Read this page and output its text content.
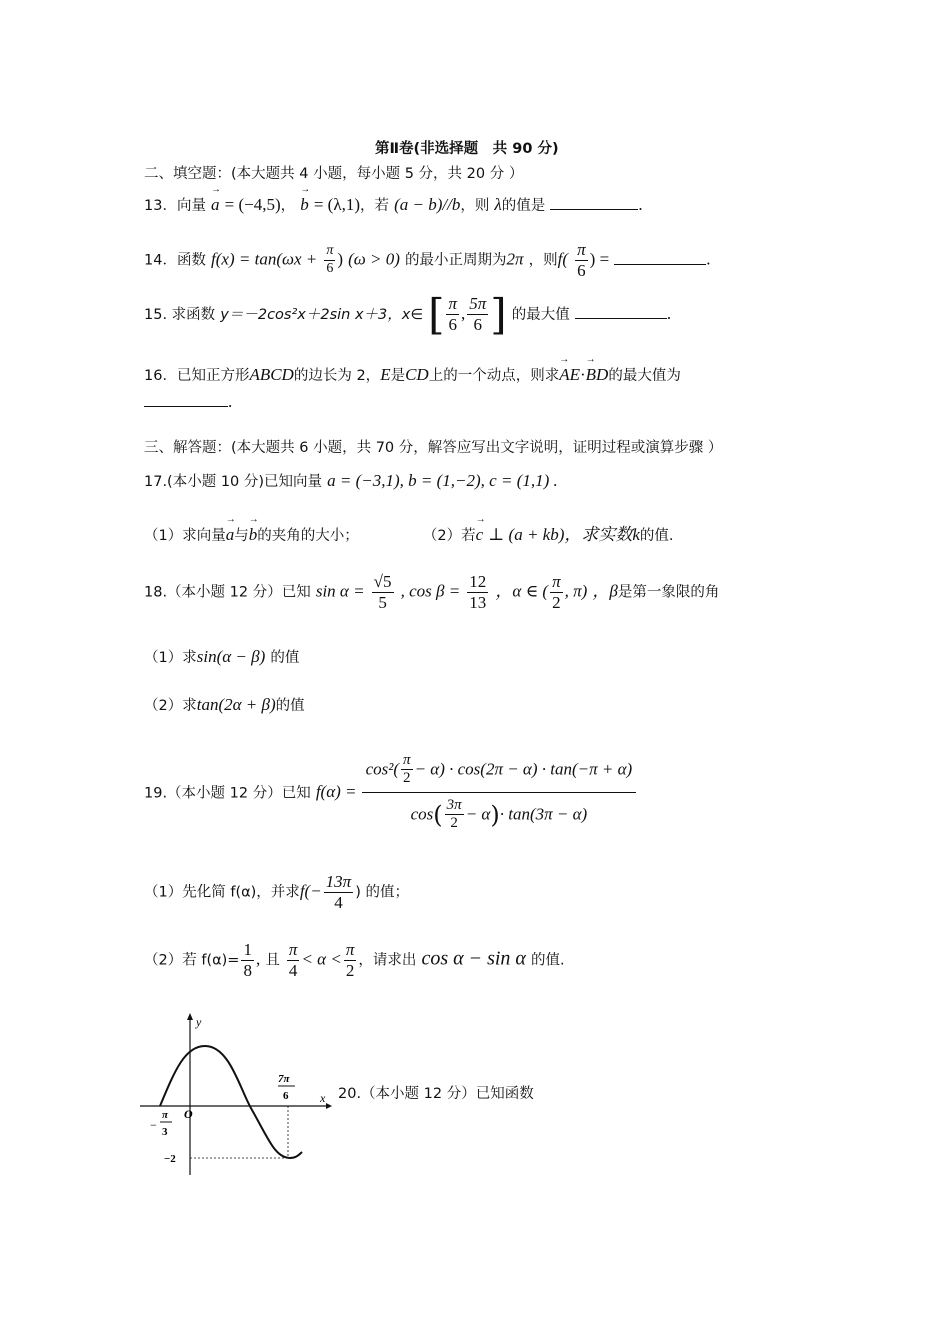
第Ⅱ卷(非选择题　共 90 分)
二、填空题：(本大题共 4 小题，每小题 5 分，共 20 分 ）
13．向量 → a = (−4,5)， → b = (λ,1)，若 (a − b)//b，则 λ的值是	.
14．函数 $f(x) = \tan(\omega x + \frac{\pi}{6}$ ) (ω > 0) 的最小正周期为2π ，则$f( \frac{\pi}{6}$ ) =	.
15. 求函数 y＝－2cos²x＋2sin x＋3，x∈ [ $\frac{\pi}{6}$ , $\frac{5\pi}{6}$ ] 的最大值	.
16．已知正方形ABCD的边长为 2，E是CD上的一个动点，则求→ AE·→ BD的最大值为
.
三、解答题：(本大题共 6 小题，共 70 分，解答应写出文字说明，证明过程或演算步骤 ）
17.(本小题 10 分)已知向量 a = (−3,1), b = (1,−2), c = (1,1) .
（1）求向量→ a与→ b的夹角的大小；	（2）若→ c ⊥ (a + kb)，求实数k的值.
18.（本小题 12 分）已知 $\sin \alpha = \frac{√5}{5}$ , $\cos \beta = \frac{12}{13}$ ，α ∈ ( $\frac{\pi}{2}$ , π) ，β是第一象限的角
（1）求sin(α − β) 的值
（2）求tan(2α + β)的值
19.（本小题 12 分）已知 $f(\alpha) = \frac{\cos^2( \frac{\pi}{2} - \alpha) \cdot \cos(2\pi - \alpha) \cdot \tan(-\pi + \alpha)}{\cos( \frac{3\pi}{2} - \alpha)\cdot \tan(3\pi - \alpha)}$
（1）先化简 f(α)，并求$f(- \frac{13\pi}{4}$ ) 的值；
（2）若 $f(\alpha)= \frac{1}{8}$ , 且 $\frac{\pi}{4} < \alpha < \frac{\pi}{2}$ ，请求出 cos α − sin α 的值.
y
x
O
−
π
3
7π
6
−2
20.（本小题 12 分）已知函数
